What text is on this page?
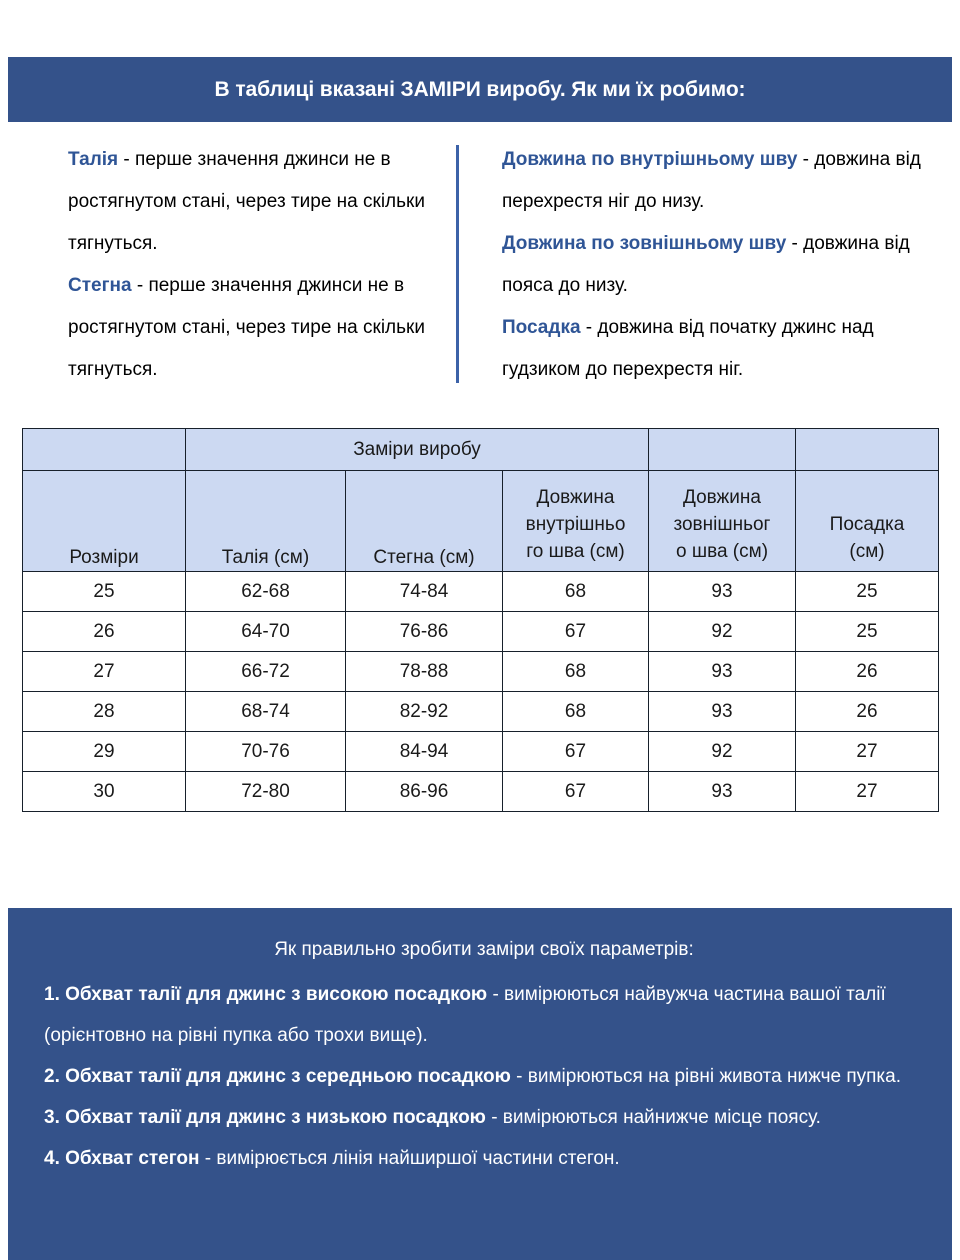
В таблиці вказані ЗАМІРИ виробу. Як ми їх робимо:

Талія - перше значення джинси не в ростягнутом стані, через тире на скільки тягнуться.

Стегна - перше значення джинси не в ростягнутом стані, через тире на скільки тягнуться.

Довжина по внутрішньому шву - довжина від перехрестя ніг до низу.

Довжина по зовнішньому шву - довжина від пояса до низу.

Посадка - довжина від початку джинс над гудзиком до перехрестя ніг.

	Заміри виробу				
Розміри	Талія (см)	Стегна (см)	Довжина
внутрішньо
го шва (см)	Довжина
зовнішньог
о шва (см)	Посадка
(см)
25	62-68	74-84	68	93	25
26	64-70	76-86	67	92	25
27	66-72	78-88	68	93	26
28	68-74	82-92	68	93	26
29	70-76	84-94	67	92	27
30	72-80	86-96	67	93	27

Як правильно зробити заміри своїх параметрів:

1. Обхват талії для джинс з високою посадкою - вимірюються найвужча частина вашої талії (орієнтовно на рівні пупка або трохи вище).

2. Обхват талії для джинс з середньою посадкою - вимірюються на рівні живота нижче пупка.

3. Обхват талії для джинс з низькою посадкою - вимірюються найнижче місце поясу.

4. Обхват стегон - вимірюється лінія найширшої частини стегон.
